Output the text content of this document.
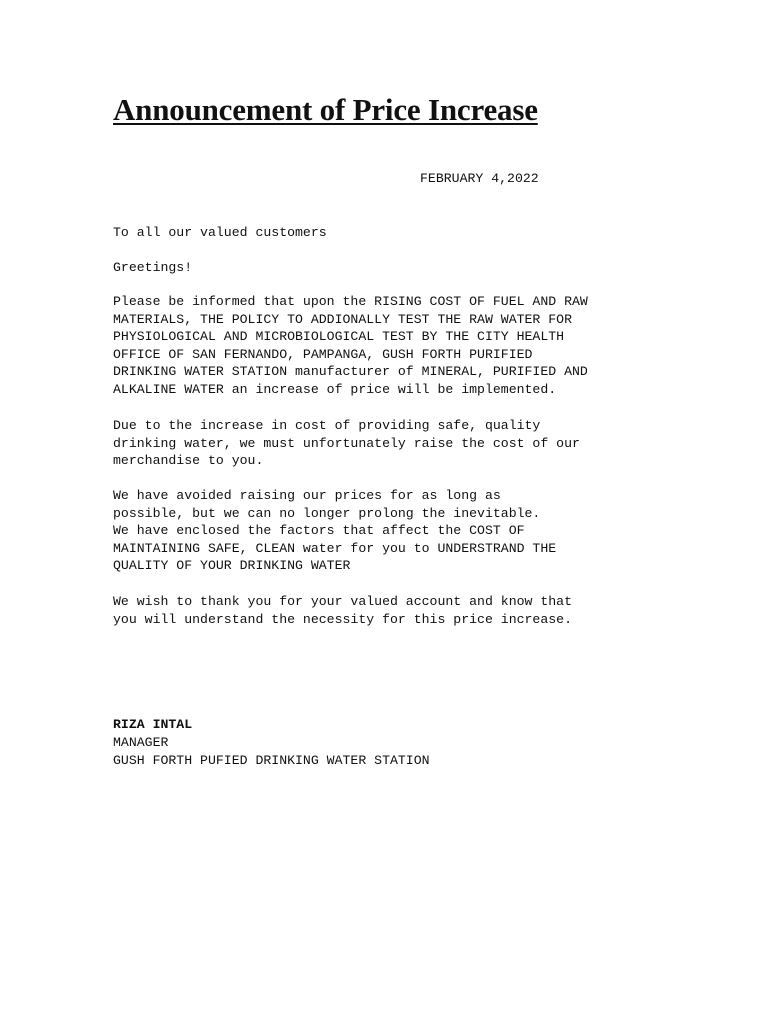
Announcement of Price Increase

FEBRUARY 4,2022

To all our valued customers

Greetings!

Please be informed that upon the RISING COST OF FUEL AND RAW
MATERIALS, THE POLICY TO ADDIONALLY TEST THE RAW WATER FOR
PHYSIOLOGICAL AND MICROBIOLOGICAL TEST BY THE CITY HEALTH
OFFICE OF SAN FERNANDO, PAMPANGA, GUSH FORTH PURIFIED
DRINKING WATER STATION manufacturer of MINERAL, PURIFIED AND
ALKALINE WATER an increase of price will be implemented.

Due to the increase in cost of providing safe, quality
drinking water, we must unfortunately raise the cost of our
merchandise to you.

We have avoided raising our prices for as long as
possible, but we can no longer prolong the inevitable.
We have enclosed the factors that affect the COST OF
MAINTAINING SAFE, CLEAN water for you to UNDERSTRAND THE
QUALITY OF YOUR DRINKING WATER

We wish to thank you for your valued account and know that
you will understand the necessity for this price increase.

RIZA INTAL

MANAGER

GUSH FORTH PUFIED DRINKING WATER STATION
